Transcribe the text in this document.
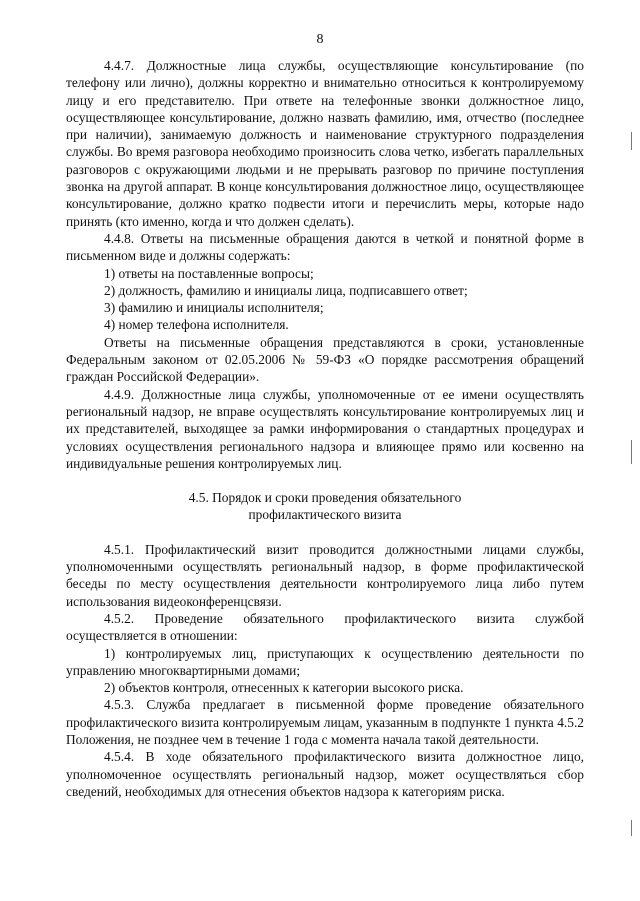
8

4.4.7. Должностные лица службы, осуществляющие консультирование (по телефону или лично), должны корректно и внимательно относиться к контролируемому лицу и его представителю. При ответе на телефонные звонки должностное лицо, осуществляющее консультирование, должно назвать фамилию, имя, отчество (последнее при наличии), занимаемую должность и наименование структурного подразделения службы. Во время разговора необходимо произносить слова четко, избегать параллельных разговоров с окружающими людьми и не прерывать разговор по причине поступления звонка на другой аппарат. В конце консультирования должностное лицо, осуществляющее консультирование, должно кратко подвести итоги и перечислить меры, которые надо принять (кто именно, когда и что должен сделать).

4.4.8. Ответы на письменные обращения даются в четкой и понятной форме в письменном виде и должны содержать:

1) ответы на поставленные вопросы;

2) должность, фамилию и инициалы лица, подписавшего ответ;

3) фамилию и инициалы исполнителя;

4) номер телефона исполнителя.

Ответы на письменные обращения представляются в сроки, установленные Федеральным законом от 02.05.2006 № 59-ФЗ «О порядке рассмотрения обращений граждан Российской Федерации».

4.4.9. Должностные лица службы, уполномоченные от ее имени осуществлять региональный надзор, не вправе осуществлять консультирование контролируемых лиц и их представителей, выходящее за рамки информирования о стандартных процедурах и условиях осуществления регионального надзора и влияющее прямо или косвенно на индивидуальные решения контролируемых лиц.

4.5. Порядок и сроки проведения обязательного
профилактического визита

4.5.1. Профилактический визит проводится должностными лицами службы, уполномоченными осуществлять региональный надзор, в форме профилактической беседы по месту осуществления деятельности контролируемого лица либо путем использования видеоконференцсвязи.

4.5.2. Проведение обязательного профилактического визита службой осуществляется в отношении:

1) контролируемых лиц, приступающих к осуществлению деятельности по управлению многоквартирными домами;

2) объектов контроля, отнесенных к категории высокого риска.

4.5.3. Служба предлагает в письменной форме проведение обязательного профилактического визита контролируемым лицам, указанным в подпункте 1 пункта 4.5.2 Положения, не позднее чем в течение 1 года с момента начала такой деятельности.

4.5.4. В ходе обязательного профилактического визита должностное лицо, уполномоченное осуществлять региональный надзор, может осуществляться сбор сведений, необходимых для отнесения объектов надзора к категориям риска.
